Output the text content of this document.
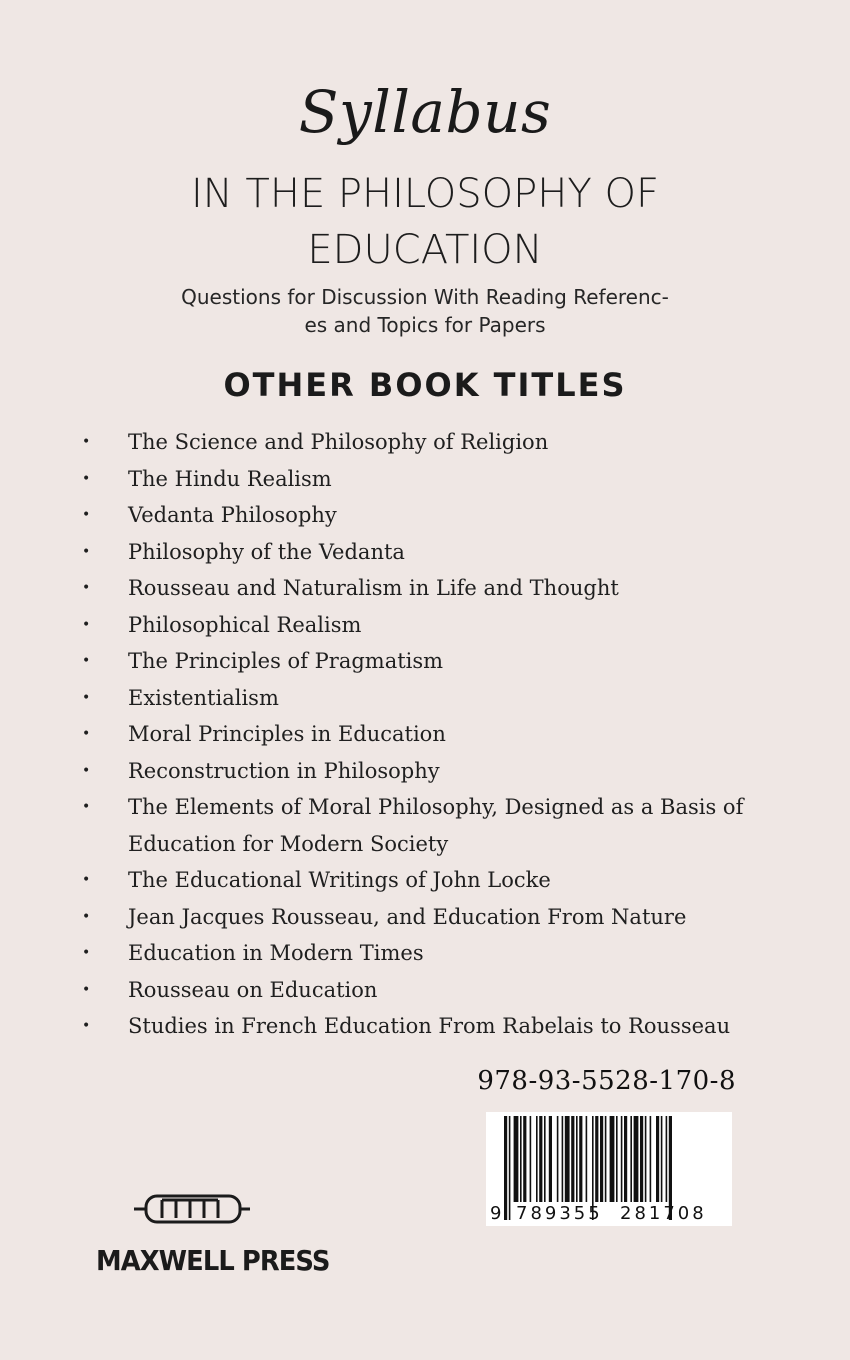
Syllabus
IN THE PHILOSOPHY OF
EDUCATION
Questions for Discussion With Reading Referenc-
es and Topics for Papers
OTHER BOOK TITLES
• The Science and Philosophy of Religion
• The Hindu Realism
• Vedanta Philosophy
• Philosophy of the Vedanta
• Rousseau and Naturalism in Life and Thought
• Philosophical Realism
• The Principles of Pragmatism
• Existentialism
• Moral Principles in Education
• Reconstruction in Philosophy
• The Elements of Moral Philosophy, Designed as a Basis of Education for Modern Society
• The Educational Writings of John Locke
• Jean Jacques Rousseau, and Education From Nature
• Education in Modern Times
• Rousseau on Education
• Studies in French Education From Rabelais to Rousseau
978-93-5528-170-8
9 789355 281708
MAXWELL PRESS
